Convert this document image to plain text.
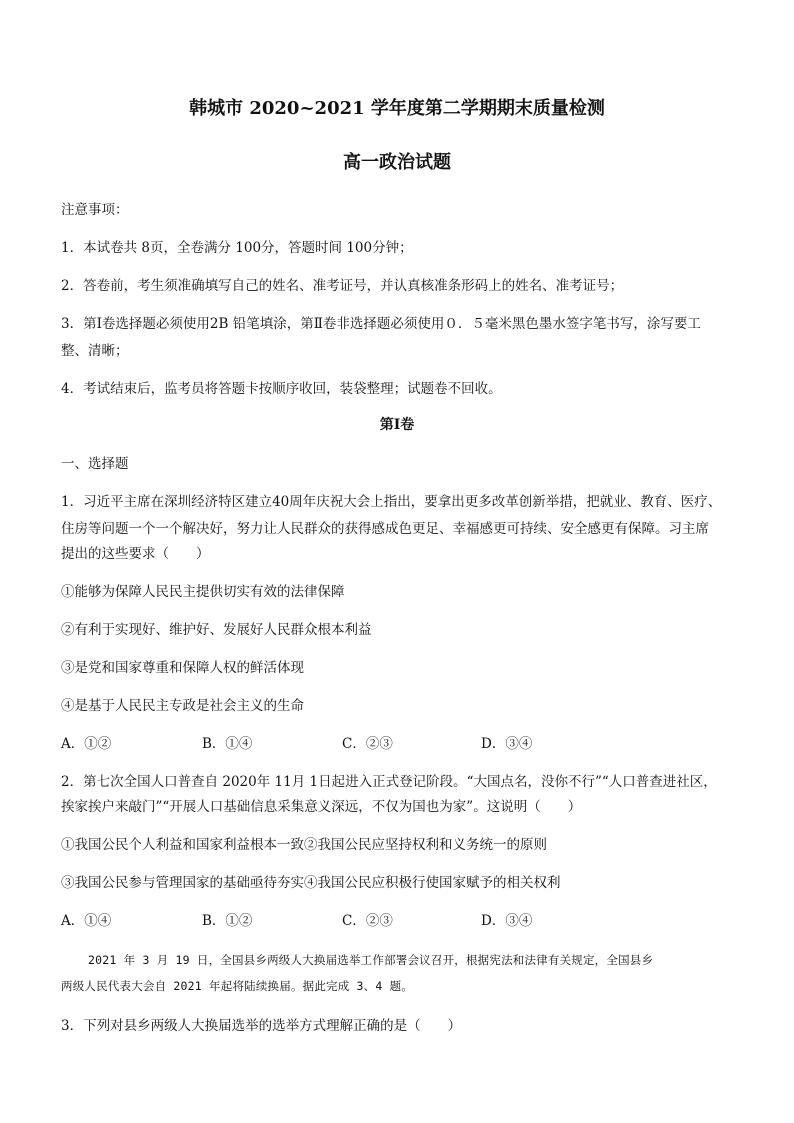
韩城市 2020~2021 学年度第二学期期末质量检测
高一政治试题
注意事项：
1．本试卷共 8页，全卷满分 100分，答题时间 100分钟；
2．答卷前，考生须准确填写自己的姓名、准考证号，并认真核准条形码上的姓名、准考证号；
3．第Ⅰ卷选择题必须使用2B 铅笔填涂，第Ⅱ卷非选择题必须使用０．５毫米黑色墨水签字笔书写，涂写要工
整、清晰；
4．考试结束后，监考员将答题卡按顺序收回，装袋整理；试题卷不回收。
第Ⅰ卷
一、选择题
1．习近平主席在深圳经济特区建立40周年庆祝大会上指出，要拿出更多改革创新举措，把就业、教育、医疗、
住房等问题一个一个解决好，努力让人民群众的获得感成色更足、幸福感更可持续、安全感更有保障。习主席
提出的这些要求（　　）
①能够为保障人民民主提供切实有效的法律保障
②有利于实现好、维护好、发展好人民群众根本利益
③是党和国家尊重和保障人权的鲜活体现
④是基于人民民主专政是社会主义的生命
A．①②	B．①④	C．②③	D．③④
2．第七次全国人口普查自 2020年 11月 1日起进入正式登记阶段。“大国点名，没你不行”“人口普查进社区，
挨家挨户来敲门”“开展人口基础信息采集意义深远，不仅为国也为家”。这说明（　　）
①我国公民个人利益和国家利益根本一致②我国公民应坚持权利和义务统一的原则
③我国公民参与管理国家的基础亟待夯实④我国公民应积极行使国家赋予的相关权利
A．①④	B．①②	C．②③	D．③④
2021 年 3 月 19 日，全国县乡两级人大换届选举工作部署会议召开，根据宪法和法律有关规定，全国县乡
两级人民代表大会自 2021 年起将陆续换届。据此完成 3、4 题。
3．下列对县乡两级人大换届选举的选举方式理解正确的是（　　）
